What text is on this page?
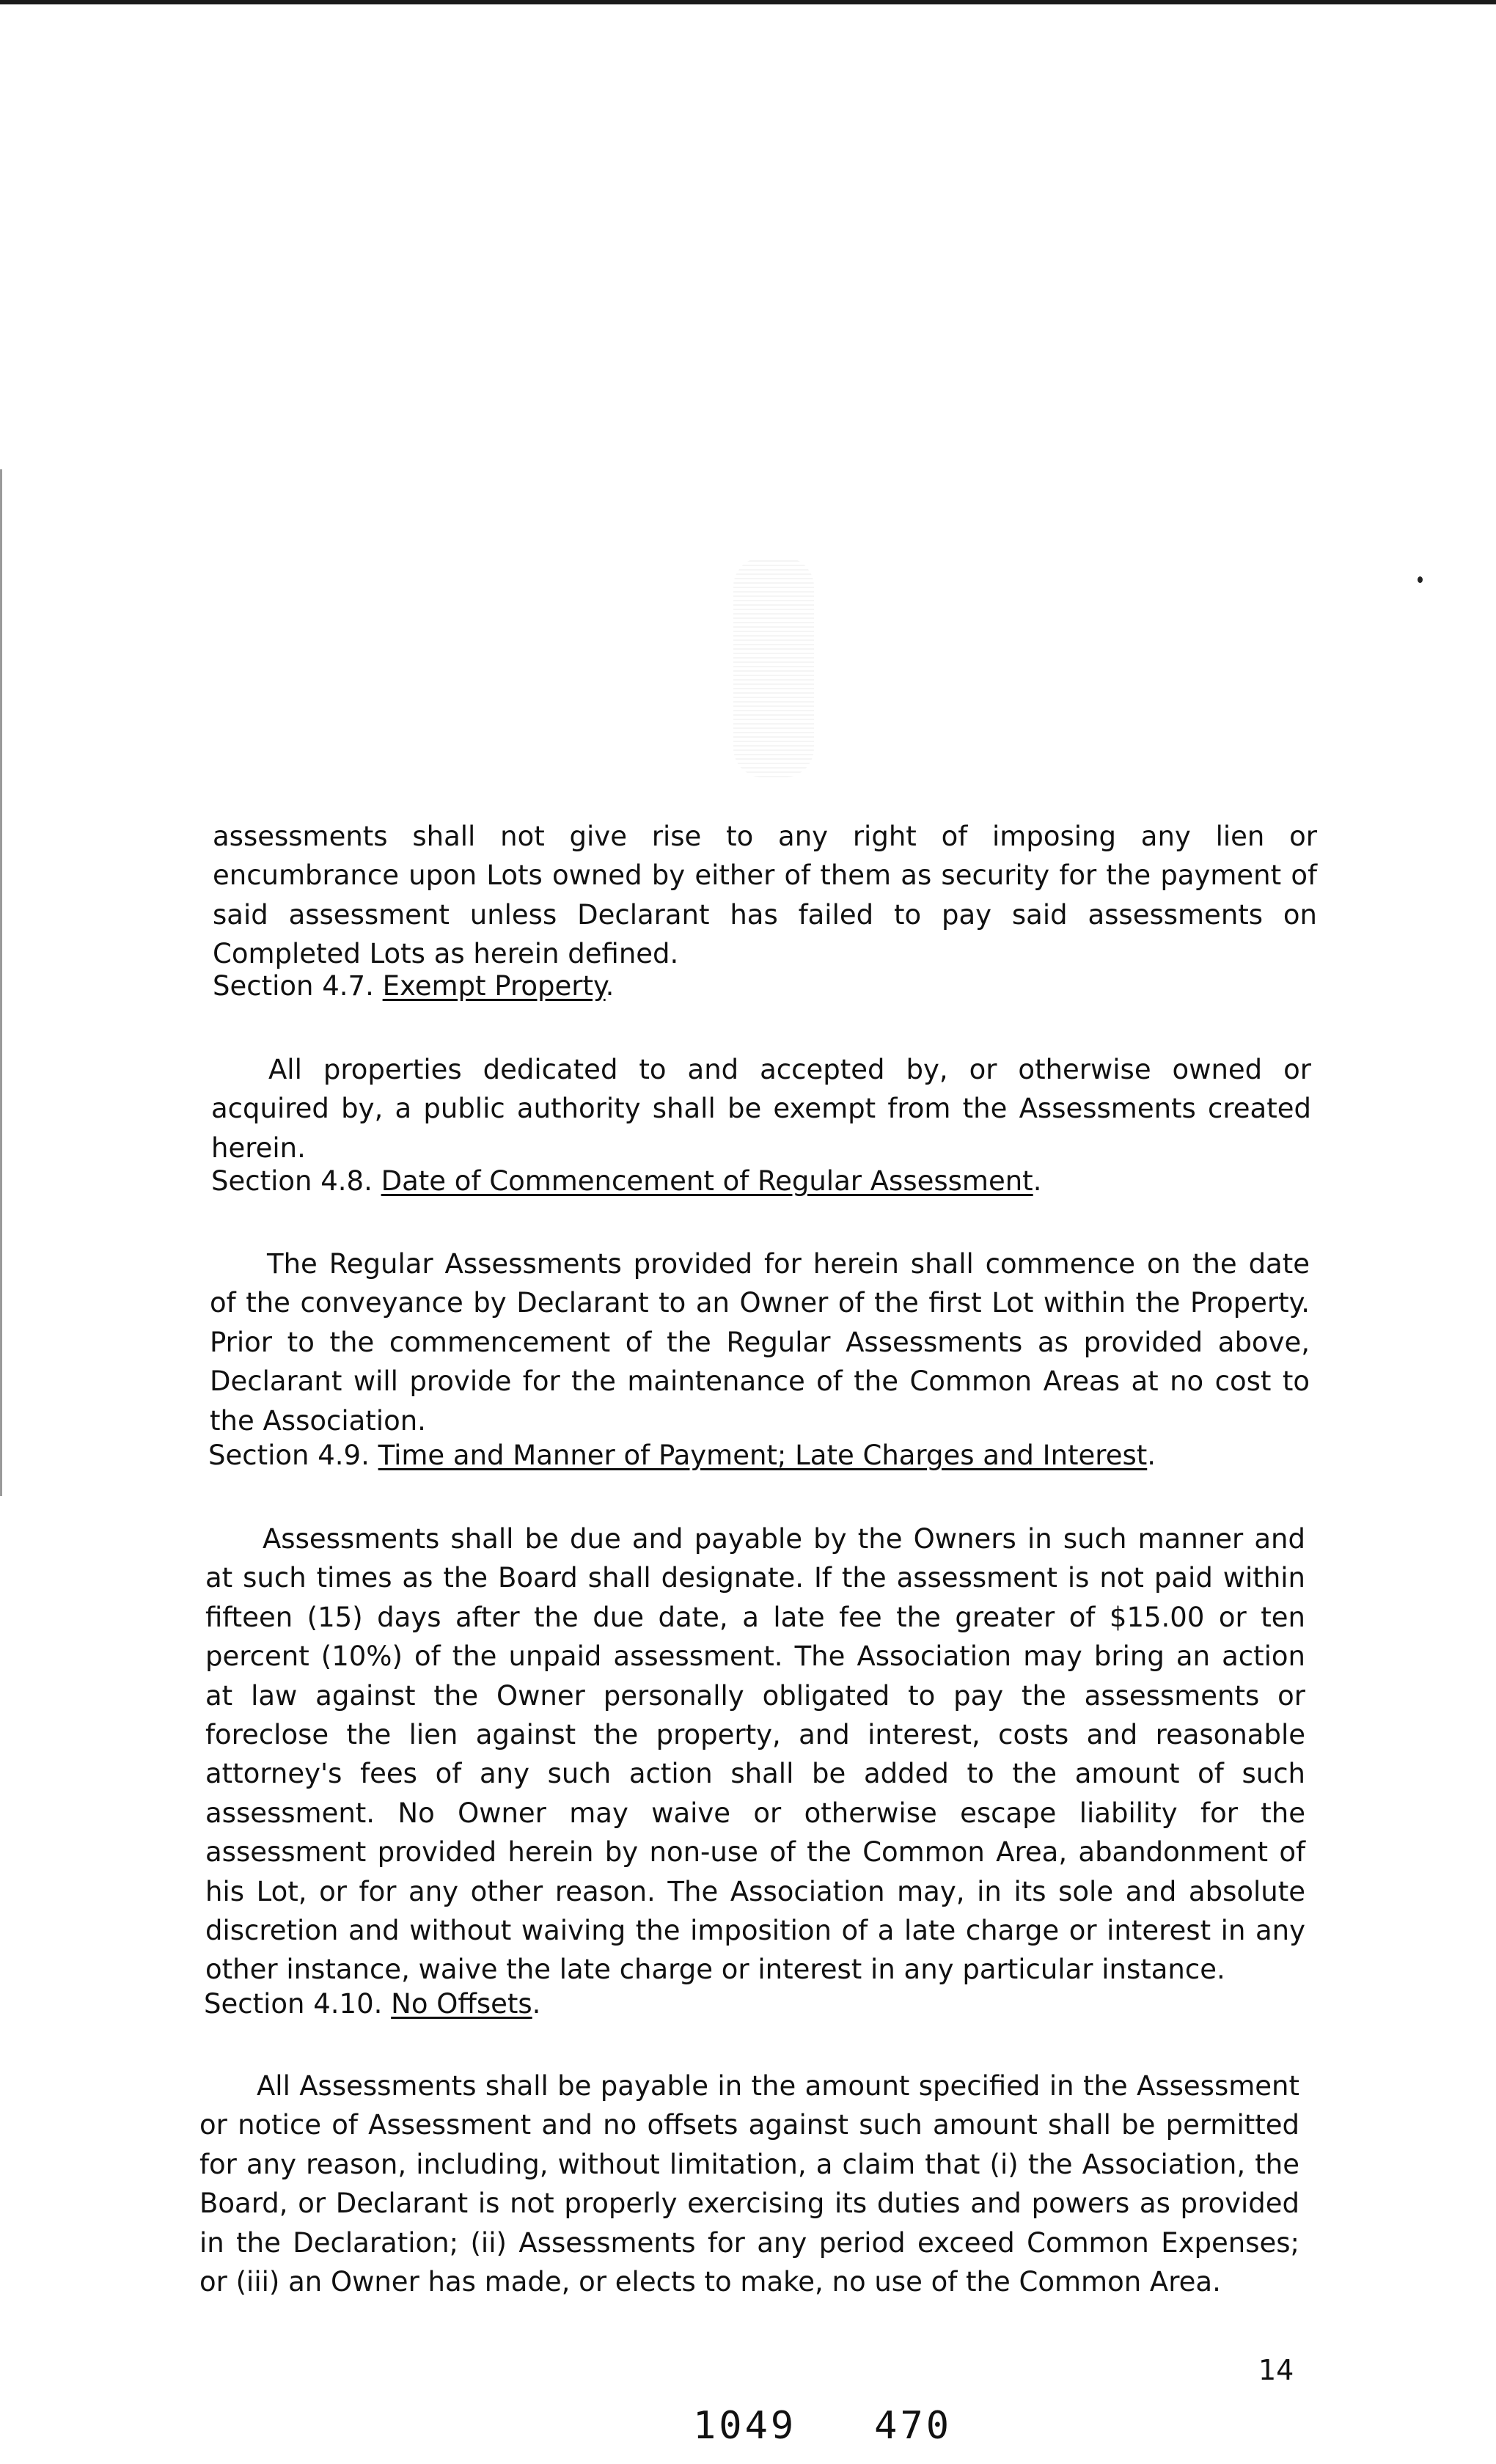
assessments shall not give rise to any right of imposing any lien or encumbrance upon Lots owned by either of them as security for the payment of said assessment unless Declarant has failed to pay said assessments on Completed Lots as herein defined.

Section 4.7. Exempt Property.

All properties dedicated to and accepted by, or otherwise owned or acquired by, a public authority shall be exempt from the Assessments created herein.

Section 4.8. Date of Commencement of Regular Assessment.

The Regular Assessments provided for herein shall commence on the date of the conveyance by Declarant to an Owner of the first Lot within the Property. Prior to the commencement of the Regular Assessments as provided above, Declarant will provide for the maintenance of the Common Areas at no cost to the Association.

Section 4.9. Time and Manner of Payment; Late Charges and Interest.

Assessments shall be due and payable by the Owners in such manner and at such times as the Board shall designate. If the assessment is not paid within fifteen (15) days after the due date, a late fee the greater of $15.00 or ten percent (10%) of the unpaid assessment. The Association may bring an action at law against the Owner personally obligated to pay the assessments or foreclose the lien against the property, and interest, costs and reasonable attorney's fees of any such action shall be added to the amount of such assessment. No Owner may waive or otherwise escape liability for the assessment provided herein by non-use of the Common Area, abandonment of his Lot, or for any other reason. The Association may, in its sole and absolute discretion and without waiving the imposition of a late charge or interest in any other instance, waive the late charge or interest in any particular instance.

Section 4.10. No Offsets.

All Assessments shall be payable in the amount specified in the Assessment or notice of Assessment and no offsets against such amount shall be permitted for any reason, including, without limitation, a claim that (i) the Association, the Board, or Declarant is not properly exercising its duties and powers as provided in the Declaration; (ii) Assessments for any period exceed Common Expenses; or (iii) an Owner has made, or elects to make, no use of the Common Area.

14

1049   470
